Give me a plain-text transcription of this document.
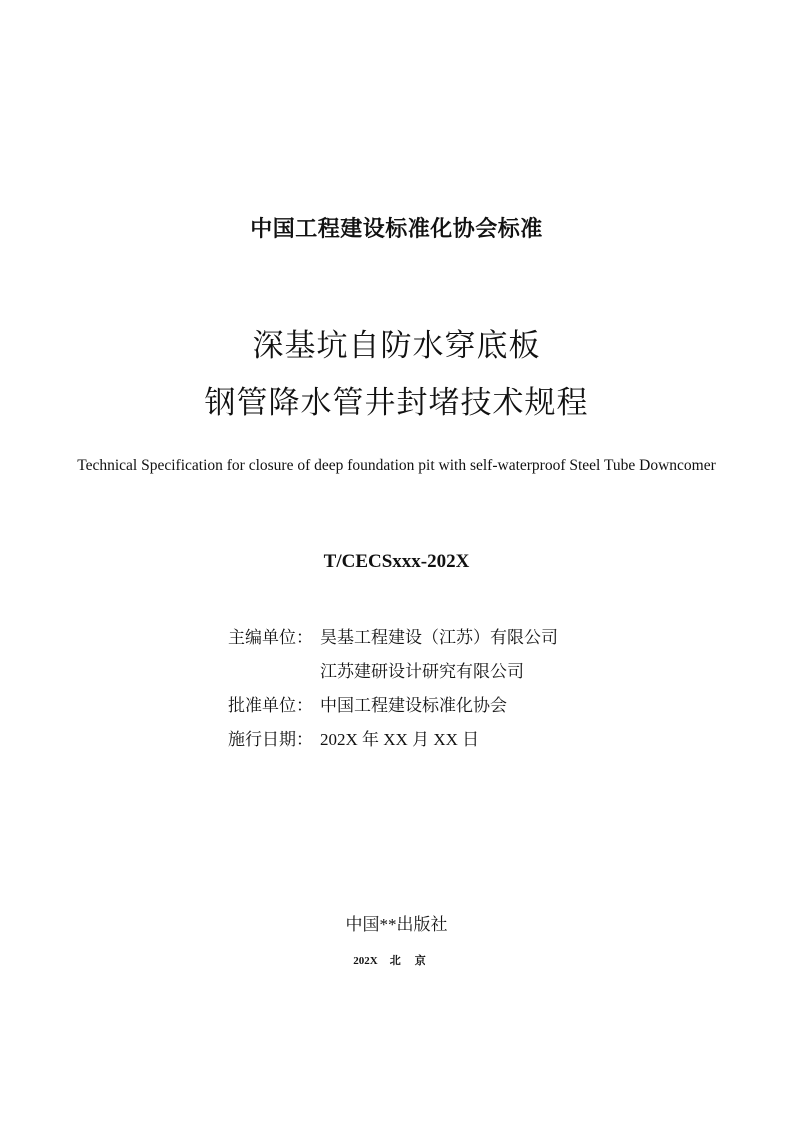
中国工程建设标准化协会标准
深基坑自防水穿底板
钢管降水管井封堵技术规程
Technical Specification for closure of deep foundation pit with self-waterproof Steel Tube Downcomer
T/CECSxxx-202X
主编单位： 昊基工程建设（江苏）有限公司
江苏建研设计研究有限公司
批准单位： 中国工程建设标准化协会
施行日期： 202X 年 XX 月 XX 日
中国**出版社
202X 北京
